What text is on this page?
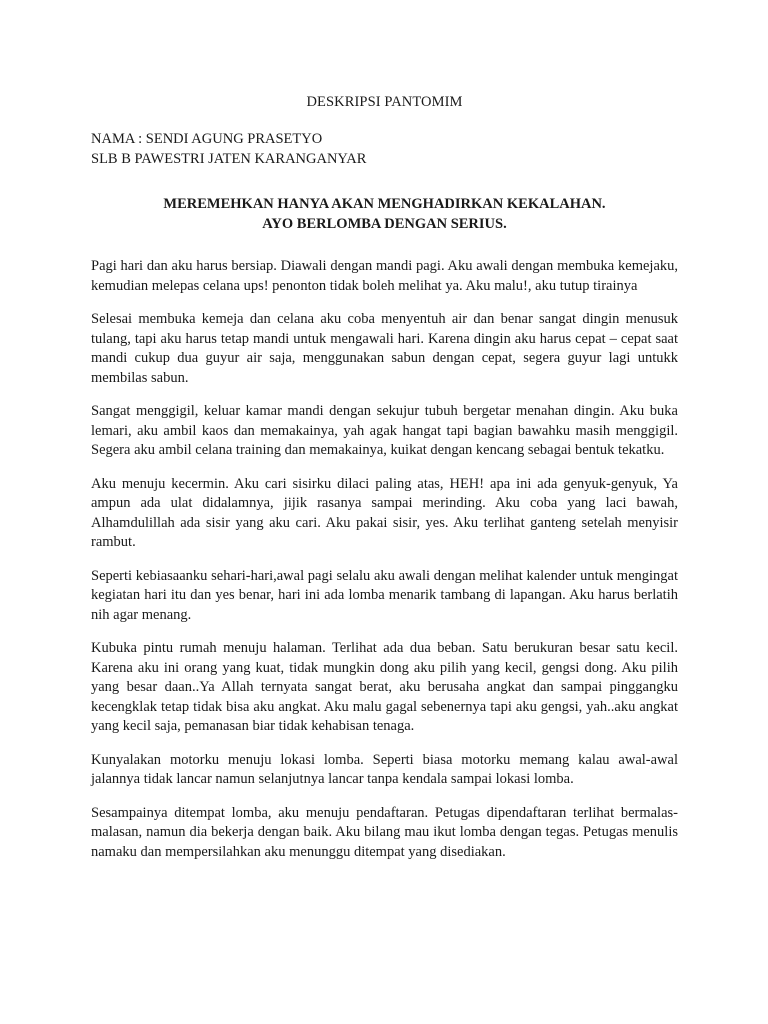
DESKRIPSI PANTOMIM

NAMA : SENDI AGUNG PRASETYO

SLB B PAWESTRI JATEN KARANGANYAR

MEREMEHKAN HANYA AKAN MENGHADIRKAN KEKALAHAN.

AYO BERLOMBA DENGAN SERIUS.

Pagi hari dan aku harus bersiap. Diawali dengan mandi pagi. Aku awali dengan membuka kemejaku, kemudian melepas celana ups! penonton tidak boleh melihat ya. Aku malu!, aku tutup tirainya

Selesai membuka kemeja dan celana aku coba menyentuh air dan benar sangat dingin menusuk tulang, tapi aku harus tetap mandi untuk mengawali hari. Karena dingin aku harus cepat – cepat saat mandi cukup dua guyur air saja, menggunakan sabun dengan cepat, segera guyur lagi untukk membilas sabun.

Sangat menggigil, keluar kamar mandi dengan sekujur tubuh bergetar menahan dingin. Aku buka lemari, aku ambil kaos dan memakainya, yah agak hangat tapi bagian bawahku masih menggigil. Segera aku ambil celana training dan memakainya, kuikat dengan kencang sebagai bentuk tekatku.

Aku menuju kecermin. Aku cari sisirku dilaci paling atas, HEH! apa ini ada genyuk-genyuk, Ya ampun ada ulat didalamnya, jijik rasanya sampai merinding. Aku coba yang laci bawah, Alhamdulillah ada sisir yang aku cari. Aku pakai sisir, yes. Aku terlihat ganteng setelah menyisir rambut.

Seperti kebiasaanku sehari-hari,awal pagi selalu aku awali dengan melihat kalender untuk mengingat kegiatan hari itu dan yes benar, hari ini ada lomba menarik tambang di lapangan. Aku harus berlatih nih agar menang.

Kubuka pintu rumah menuju halaman. Terlihat ada dua beban. Satu berukuran besar satu kecil. Karena aku ini orang yang kuat, tidak mungkin dong aku pilih yang kecil, gengsi dong. Aku pilih yang besar daan..Ya Allah ternyata sangat berat, aku berusaha angkat dan sampai pinggangku kecengklak tetap tidak bisa aku angkat. Aku malu gagal sebenernya tapi aku gengsi, yah..aku angkat yang kecil saja, pemanasan biar tidak kehabisan tenaga.

Kunyalakan motorku menuju lokasi lomba. Seperti biasa motorku memang kalau awal-awal jalannya tidak lancar namun selanjutnya lancar tanpa kendala sampai lokasi lomba.

Sesampainya ditempat lomba, aku menuju pendaftaran. Petugas dipendaftaran terlihat bermalas-malasan, namun dia bekerja dengan baik. Aku bilang mau ikut lomba dengan tegas. Petugas menulis namaku dan mempersilahkan aku menunggu ditempat yang disediakan.
